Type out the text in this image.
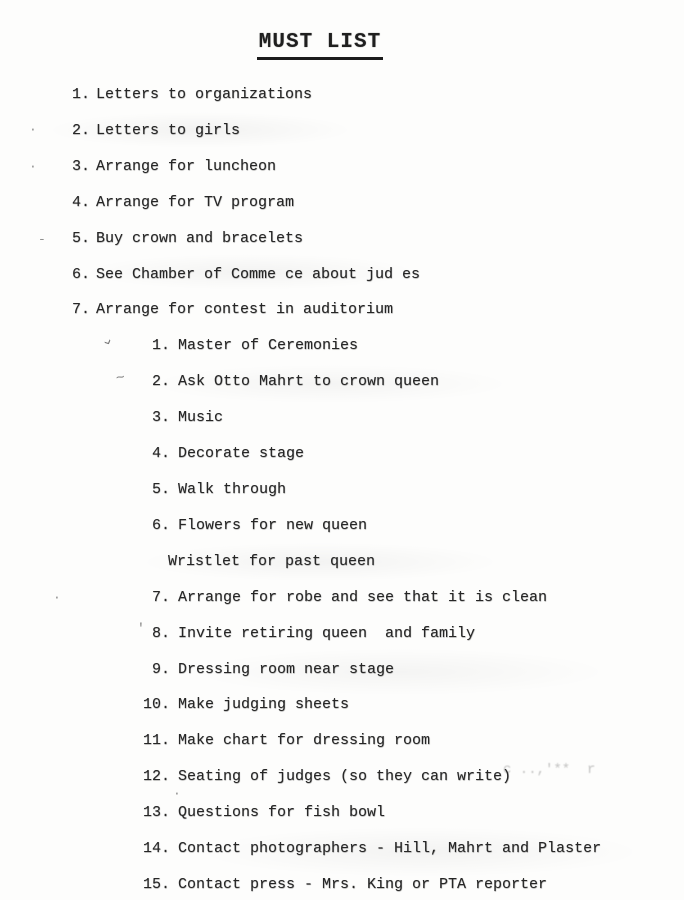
MUST LIST
1. Letters to organizations
2. Letters to girls
3. Arrange for luncheon
4. Arrange for TV program
5. Buy crown and bracelets
6. See Chamber of Comme ce about jud es
7. Arrange for contest in auditorium
1. Master of Ceremonies
2. Ask Otto Mahrt to crown queen
3. Music
4. Decorate stage
5. Walk through
6. Flowers for new queen
Wristlet for past queen
7. Arrange for robe and see that it is clean
8. Invite retiring queen  and family
9. Dressing room near stage
10. Make judging sheets
11. Make chart for dressing room
12. Seating of judges (so they can write)
13. Questions for fish bowl
14. Contact photographers - Hill, Mahrt and Plaster
15. Contact press - Mrs. King or PTA reporter
·
·
-
›
~
·
'
·
c ..,'**  r
